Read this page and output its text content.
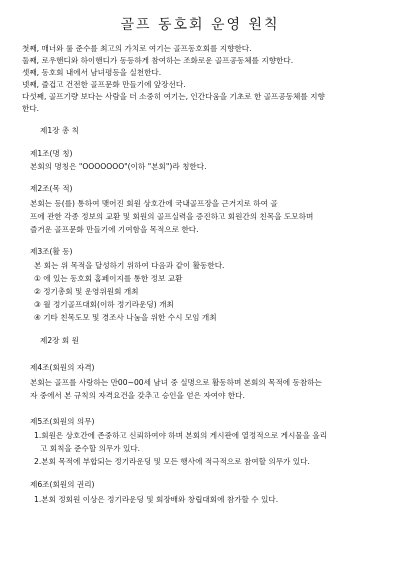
골프 동호회 운영 원칙
첫째, 매너와 룰 준수를 최고의 가치로 여기는 골프동호회를 지향한다.
둘째, 로우핸디와 하이핸디가 동등하게 참여하는 조화로운 골프공동체를 지향한다.
셋째, 동호회 내에서 남녀평등을 실천한다.
넷째, 즐겁고 건전한 골프문화 만들기에 앞장선다.
다섯째, 골프기량 보다는 사람을 더 소중히 여기는, 인간다움을 기초로 한 골프공동체를 지향
한다.
제1장 총 칙
제1조(명 칭)
본회의 명칭은 "OOOOOOO"(이하 "본회")라 칭한다.
제2조(목 적)
본회는 등(를) 통하여 맺어진 회원 상호간에 국내골프장을 근거지로 하여 골
프에 관한 각종 정보의 교환 및 회원의 골프실력을 증진하고 회원간의 친목을 도모하며
즐거운 골프문화 만들기에 기여함을 목적으로 한다.
제3조(활 동)
본 회는 위 목적을 달성하기 위하여 다음과 같이 활동한다.
① 에 있는 동호회 홈페이지를 통한 정보 교환
② 정기총회 및 운영위원회 개최
③ 월 정기골프대회(이하 정기라운딩) 개최
④ 기타 친목도모 및 경조사 나눔을 위한 수시 모임 개최
제2장 회 원
제4조(회원의 자격)
본회는 골프를 사랑하는 만00~00세 남녀 중 실명으로 활동하며 본회의 목적에 동참하는
자 중에서 본 규칙의 자격요건을 갖추고 승인을 얻은 자여야 한다.
제5조(회원의 의무)
1.회원은 상호간에 존중하고 신뢰하여야 하며 본회의 게시판에 열정적으로 게시물을 올리
고 회칙을 준수할 의무가 있다.
2.본회 목적에 부합되는 정기라운딩 및 모든 행사에 적극적으로 참여할 의무가 있다.
제6조(회원의 권리)
1.본회 정회원 이상은 정기라운딩 및 회장배와 창립대회에 참가할 수 있다.
